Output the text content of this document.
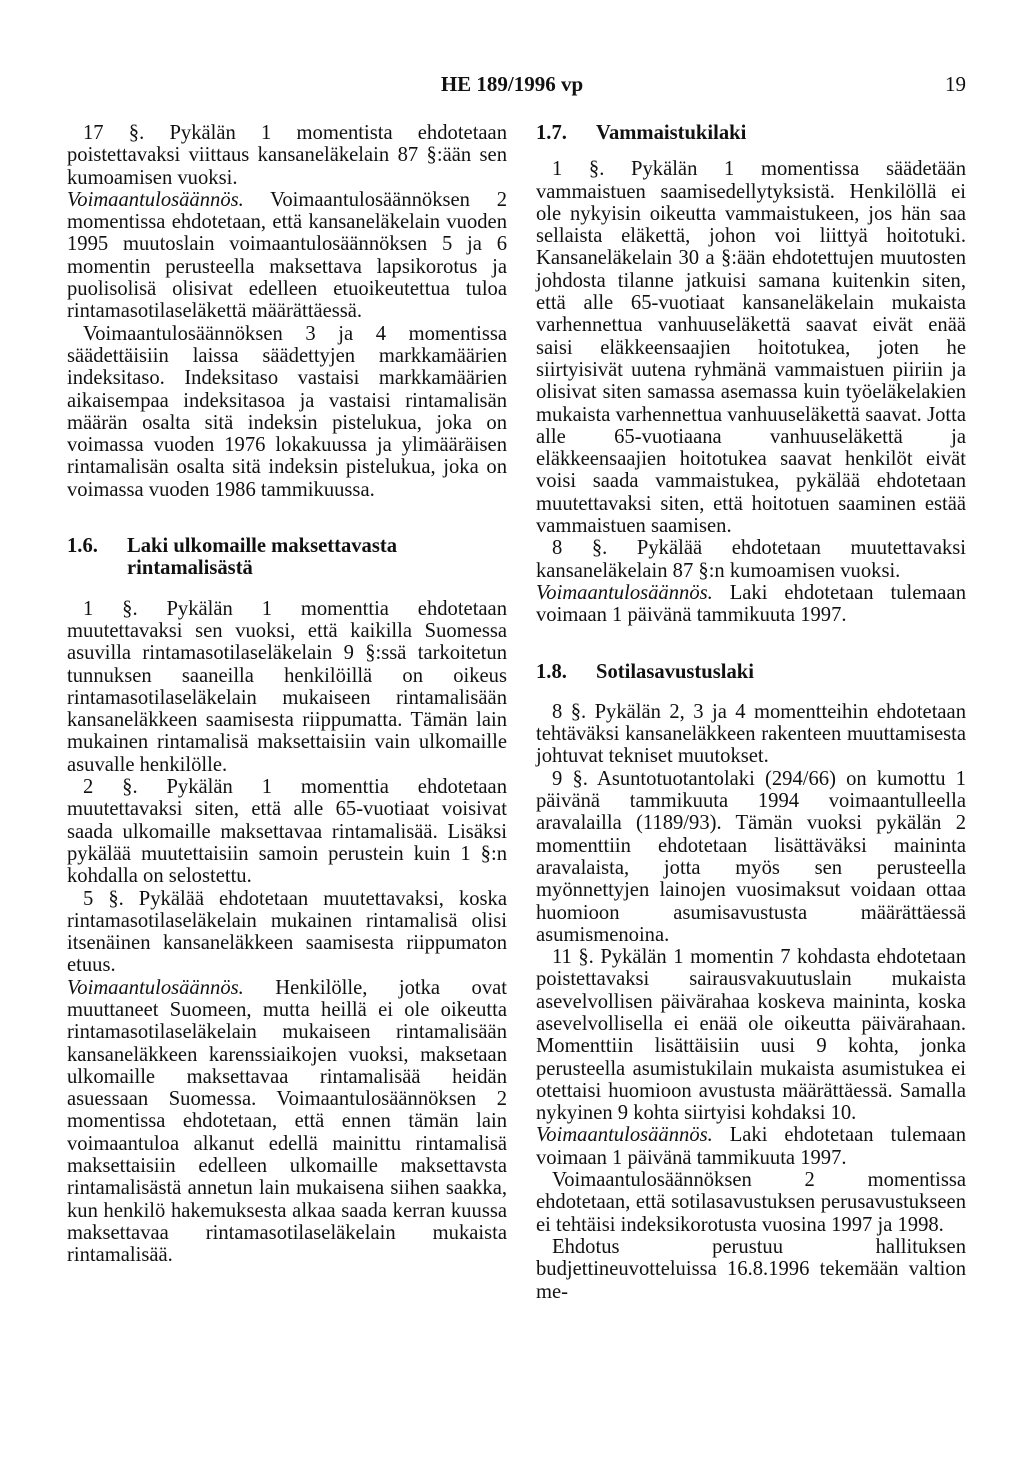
HE 189/1996 vp	19

17 §. Pykälän 1 momentista ehdotetaan poistettavaksi viittaus kansaneläkelain 87 §:ään sen kumoamisen vuoksi.

Voimaantulosäännös. Voimaantulosäännöksen 2 momentissa ehdotetaan, että kansaneläkelain vuoden 1995 muutoslain voimaantulosäännöksen 5 ja 6 momentin perusteella maksettava lapsikorotus ja puolisolisä olisivat edelleen etuoikeutettua tuloa rintamasotilaseläkettä määrättäessä.

Voimaantulosäännöksen 3 ja 4 momentissa säädettäisiin laissa säädettyjen markkamäärien indeksitaso. Indeksitaso vastaisi markkamäärien aikaisempaa indeksitasoa ja vastaisi rintamalisän määrän osalta sitä indeksin pistelukua, joka on voimassa vuoden 1976 lokakuussa ja ylimääräisen rintamalisän osalta sitä indeksin pistelukua, joka on voimassa vuoden 1986 tammikuussa.

1.6.	Laki ulkomaille maksettavasta rintamalisästä

1 §. Pykälän 1 momenttia ehdotetaan muutettavaksi sen vuoksi, että kaikilla Suomessa asuvilla rintamasotilaseläkelain 9 §:ssä tarkoitetun tunnuksen saaneilla henkilöillä on oikeus rintamasotilaseläkelain mukaiseen rintamalisään kansaneläkkeen saamisesta riippumatta. Tämän lain mukainen rintamalisä maksettaisiin vain ulkomaille asuvalle henkilölle.

2 §. Pykälän 1 momenttia ehdotetaan muutettavaksi siten, että alle 65-vuotiaat voisivat saada ulkomaille maksettavaa rintamalisää. Lisäksi pykälää muutettaisiin samoin perustein kuin 1 §:n kohdalla on selostettu.

5 §. Pykälää ehdotetaan muutettavaksi, koska rintamasotilaseläkelain mukainen rintamalisä olisi itsenäinen kansaneläkkeen saamisesta riippumaton etuus.

Voimaantulosäännös. Henkilölle, jotka ovat muuttaneet Suomeen, mutta heillä ei ole oikeutta rintamasotilaseläkelain mukaiseen rintamalisään kansaneläkkeen karenssiaikojen vuoksi, maksetaan ulkomaille maksettavaa rintamalisää heidän asuessaan Suomessa. Voimaantulosäännöksen 2 momentissa ehdotetaan, että ennen tämän lain voimaantuloa alkanut edellä mainittu rintamalisä maksettaisiin edelleen ulkomaille maksettavsta rintamalisästä annetun lain mukaisena siihen saakka, kun henkilö hakemuksesta alkaa saada kerran kuussa maksettavaa rintamasotilaseläkelain mukaista rintamalisää.

1.7.	Vammaistukilaki

1 §. Pykälän 1 momentissa säädetään vammaistuen saamisedellytyksistä. Henkilöllä ei ole nykyisin oikeutta vammaistukeen, jos hän saa sellaista eläkettä, johon voi liittyä hoitotuki. Kansaneläkelain 30 a §:ään ehdotettujen muutosten johdosta tilanne jatkuisi samana kuitenkin siten, että alle 65-vuotiaat kansaneläkelain mukaista varhennettua vanhuuseläkettä saavat eivät enää saisi eläkkeensaajien hoitotukea, joten he siirtyisivät uutena ryhmänä vammaistuen piiriin ja olisivat siten samassa asemassa kuin työeläkelakien mukaista varhennettua vanhuuseläkettä saavat. Jotta alle 65-vuotiaana vanhuuseläkettä ja eläkkeensaajien hoitotukea saavat henkilöt eivät voisi saada vammaistukea, pykälää ehdotetaan muutettavaksi siten, että hoitotuen saaminen estää vammaistuen saamisen.

8 §. Pykälää ehdotetaan muutettavaksi kansaneläkelain 87 §:n kumoamisen vuoksi.

Voimaantulosäännös. Laki ehdotetaan tulemaan voimaan 1 päivänä tammikuuta 1997.

1.8.	Sotilasavustuslaki

8 §. Pykälän 2, 3 ja 4 momentteihin ehdotetaan tehtäväksi kansaneläkkeen rakenteen muuttamisesta johtuvat tekniset muutokset.

9 §. Asuntotuotantolaki (294/66) on kumottu 1 päivänä tammikuuta 1994 voimaantulleella aravalailla (1189/93). Tämän vuoksi pykälän 2 momenttiin ehdotetaan lisättäväksi maininta aravalaista, jotta myös sen perusteella myönnettyjen lainojen vuosimaksut voidaan ottaa huomioon asumisavustusta määrättäessä asumismenoina.

11 §. Pykälän 1 momentin 7 kohdasta ehdotetaan poistettavaksi sairausvakuutuslain mukaista asevelvollisen päivärahaa koskeva maininta, koska asevelvollisella ei enää ole oikeutta päivärahaan. Momenttiin lisättäisiin uusi 9 kohta, jonka perusteella asumistukilain mukaista asumistukea ei otettaisi huomioon avustusta määrättäessä. Samalla nykyinen 9 kohta siirtyisi kohdaksi 10.

Voimaantulosäännös. Laki ehdotetaan tulemaan voimaan 1 päivänä tammikuuta 1997.

Voimaantulosäännöksen 2 momentissa ehdotetaan, että sotilasavustuksen perusavustukseen ei tehtäisi indeksikorotusta vuosina 1997 ja 1998.

Ehdotus perustuu hallituksen budjettineuvotteluissa 16.8.1996 tekemään valtion me-
